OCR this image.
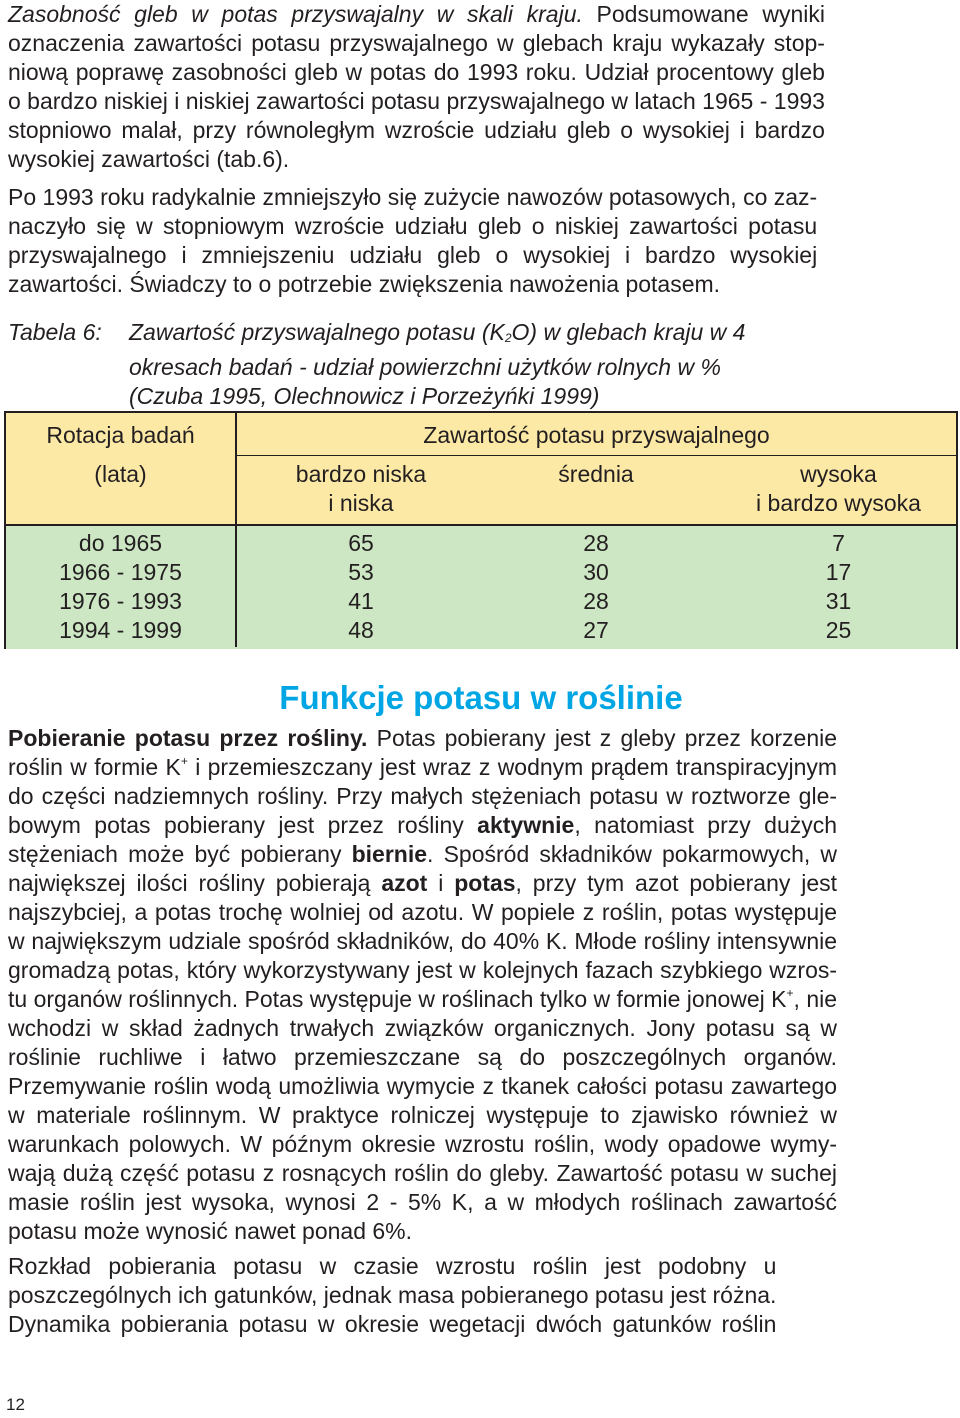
Zasobność gleb w potas przyswajalny w skali kraju. Podsumowane wyniki
oznaczenia zawartości potasu przyswajalnego w glebach kraju wykazały stop-
niową poprawę zasobności gleb w potas do 1993 roku. Udział procentowy gleb
o bardzo niskiej i niskiej zawartości potasu przyswajalnego w latach 1965 - 1993
stopniowo malał, przy równoległym wzroście udziału gleb o wysokiej i bardzo
wysokiej zawartości (tab.6).

Po 1993 roku radykalnie zmniejszyło się zużycie nawozów potasowych, co zaz-
naczyło się w stopniowym wzroście udziału gleb o niskiej zawartości potasu
przyswajalnego i zmniejszeniu udziału gleb o wysokiej i bardzo wysokiej
zawartości. Świadczy to o potrzebie zwiększenia nawożenia potasem.

Tabela 6:	Zawartość przyswajalnego potasu (K2O) w glebach kraju w 4
okresach badań - udział powierzchni użytków rolnych w %
(Czuba 1995, Olechnowicz i Porzeżyńki 1999)
Rotacja badań
(lata)
Zawartość potasu przyswajalnego
bardzo niska
i niska
średnia	wysoka
i bardzo wysoka
do 1965
1966 - 1975
1976 - 1993
1994 - 1999
65
53
41
48
28
30
28
27
7
17
31
25
Funkcje potasu w roślinie

Pobieranie potasu przez rośliny. Potas pobierany jest z gleby przez korzenie
roślin w formie K+ i przemieszczany jest wraz z wodnym prądem transpiracyjnym
do części nadziemnych rośliny. Przy małych stężeniach potasu w roztworze gle-
bowym potas pobierany jest przez rośliny aktywnie, natomiast przy dużych
stężeniach może być pobierany biernie. Spośród składników pokarmowych, w
największej ilości rośliny pobierają azot i potas, przy tym azot pobierany jest
najszybciej, a potas trochę wolniej od azotu. W popiele z roślin, potas występuje
w największym udziale spośród składników, do 40% K. Młode rośliny intensywnie
gromadzą potas, który wykorzystywany jest w kolejnych fazach szybkiego wzros-
tu organów roślinnych. Potas występuje w roślinach tylko w formie jonowej K+, nie
wchodzi w skład żadnych trwałych związków organicznych. Jony potasu są w
roślinie ruchliwe i łatwo przemieszczane są do poszczególnych organów.
Przemywanie roślin wodą umożliwia wymycie z tkanek całości potasu zawartego
w materiale roślinnym. W praktyce rolniczej występuje to zjawisko również w
warunkach polowych. W późnym okresie wzrostu roślin, wody opadowe wymy-
wają dużą część potasu z rosnących roślin do gleby. Zawartość potasu w suchej
masie roślin jest wysoka, wynosi 2 - 5% K, a w młodych roślinach zawartość
potasu może wynosić nawet ponad 6%.

Rozkład pobierania potasu w czasie wzrostu roślin jest podobny u
poszczególnych ich gatunków, jednak masa pobieranego potasu jest różna.
Dynamika pobierania potasu w okresie wegetacji dwóch gatunków roślin

12
